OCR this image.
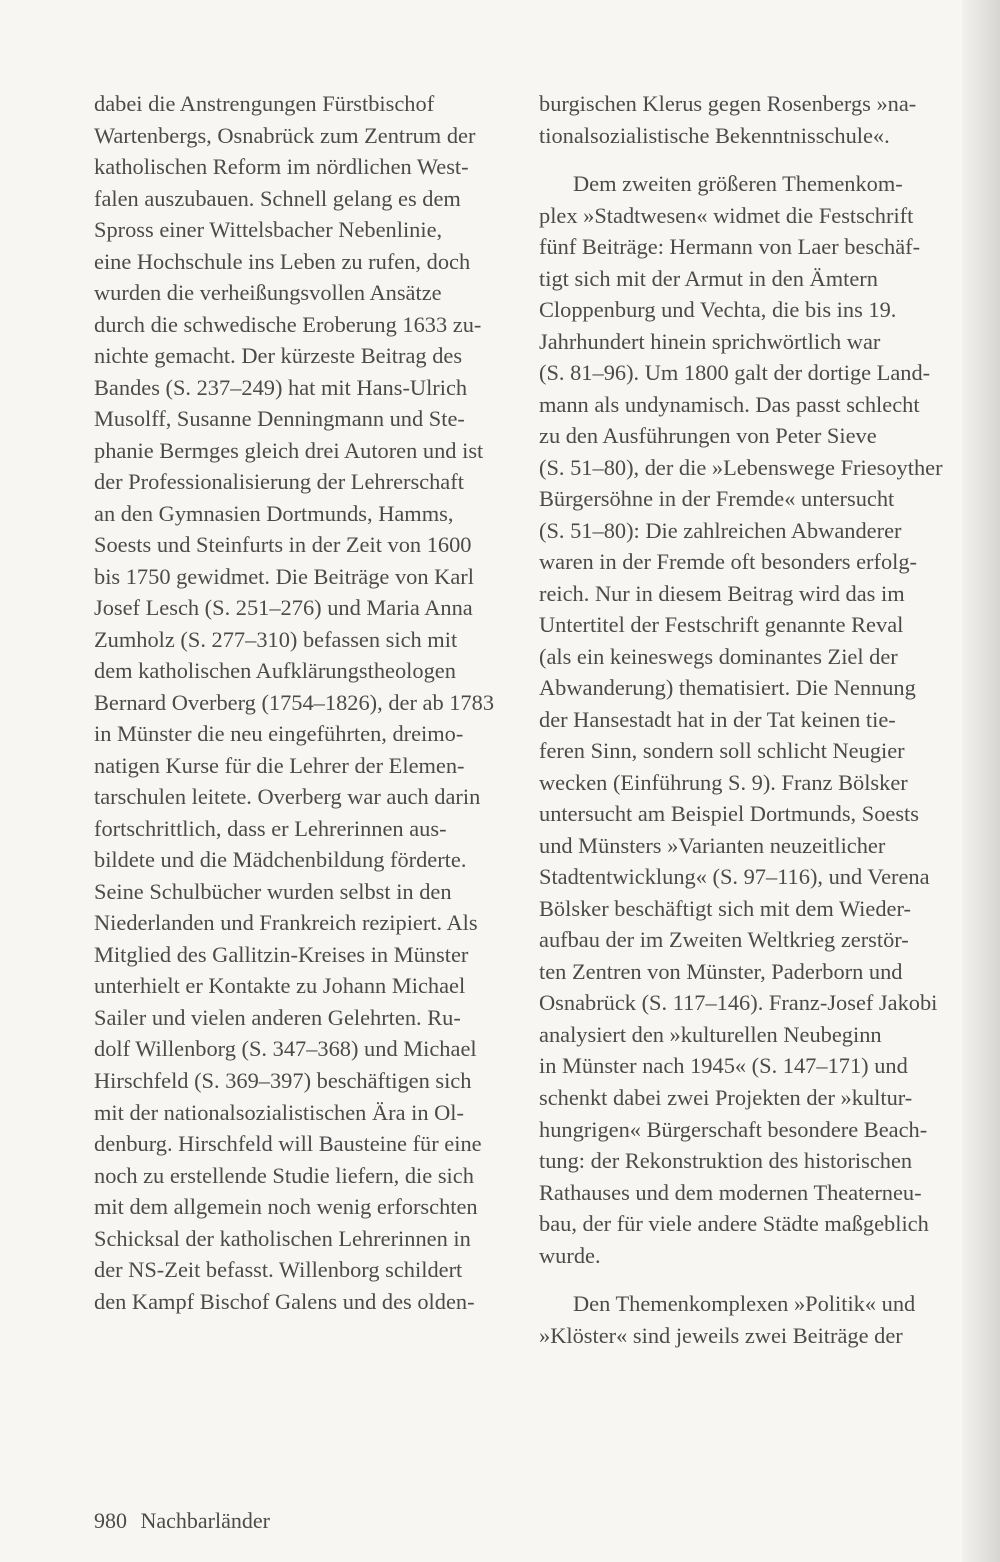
dabei die Anstrengungen Fürstbischof
Wartenbergs, Osnabrück zum Zentrum der
katholischen Reform im nördlichen West-
falen auszubauen. Schnell gelang es dem
Spross einer Wittelsbacher Nebenlinie,
eine Hochschule ins Leben zu rufen, doch
wurden die verheißungsvollen Ansätze
durch die schwedische Eroberung 1633 zu-
nichte gemacht. Der kürzeste Beitrag des
Bandes (S. 237–249) hat mit Hans-Ulrich
Musolff, Susanne Denningmann und Ste-
phanie Bermges gleich drei Autoren und ist
der Professionalisierung der Lehrerschaft
an den Gymnasien Dortmunds, Hamms,
Soests und Steinfurts in der Zeit von 1600
bis 1750 gewidmet. Die Beiträge von Karl
Josef Lesch (S. 251–276) und Maria Anna
Zumholz (S. 277–310) befassen sich mit
dem katholischen Aufklärungstheologen
Bernard Overberg (1754–1826), der ab 1783
in Münster die neu eingeführten, dreimo-
natigen Kurse für die Lehrer der Elemen-
tarschulen leitete. Overberg war auch darin
fortschrittlich, dass er Lehrerinnen aus-
bildete und die Mädchenbildung förderte.
Seine Schulbücher wurden selbst in den
Niederlanden und Frankreich rezipiert. Als
Mitglied des Gallitzin-Kreises in Münster
unterhielt er Kontakte zu Johann Michael
Sailer und vielen anderen Gelehrten. Ru-
dolf Willenborg (S. 347–368) und Michael
Hirschfeld (S. 369–397) beschäftigen sich
mit der nationalsozialistischen Ära in Ol-
denburg. Hirschfeld will Bausteine für eine
noch zu erstellende Studie liefern, die sich
mit dem allgemein noch wenig erforschten
Schicksal der katholischen Lehrerinnen in
der NS-Zeit befasst. Willenborg schildert
den Kampf Bischof Galens und des olden-
burgischen Klerus gegen Rosenbergs »na-
tionalsozialistische Bekenntnisschule«.
Dem zweiten größeren Themenkom-
plex »Stadtwesen« widmet die Festschrift
fünf Beiträge: Hermann von Laer beschäf-
tigt sich mit der Armut in den Ämtern
Cloppenburg und Vechta, die bis ins 19.
Jahrhundert hinein sprichwörtlich war
(S. 81–96). Um 1800 galt der dortige Land-
mann als undynamisch. Das passt schlecht
zu den Ausführungen von Peter Sieve
(S. 51–80), der die »Lebenswege Friesoyther
Bürgersöhne in der Fremde« untersucht
(S. 51–80): Die zahlreichen Abwanderer
waren in der Fremde oft besonders erfolg-
reich. Nur in diesem Beitrag wird das im
Untertitel der Festschrift genannte Reval
(als ein keineswegs dominantes Ziel der
Abwanderung) thematisiert. Die Nennung
der Hansestadt hat in der Tat keinen tie-
feren Sinn, sondern soll schlicht Neugier
wecken (Einführung S. 9). Franz Bölsker
untersucht am Beispiel Dortmunds, Soests
und Münsters »Varianten neuzeitlicher
Stadtentwicklung« (S. 97–116), und Verena
Bölsker beschäftigt sich mit dem Wieder-
aufbau der im Zweiten Weltkrieg zerstör-
ten Zentren von Münster, Paderborn und
Osnabrück (S. 117–146). Franz-Josef Jakobi
analysiert den »kulturellen Neubeginn
in Münster nach 1945« (S. 147–171) und
schenkt dabei zwei Projekten der »kultur-
hungrigen« Bürgerschaft besondere Beach-
tung: der Rekonstruktion des historischen
Rathauses und dem modernen Theaterneu-
bau, der für viele andere Städte maßgeblich
wurde.
Den Themenkomplexen »Politik« und
»Klöster« sind jeweils zwei Beiträge der
980 Nachbarländer
